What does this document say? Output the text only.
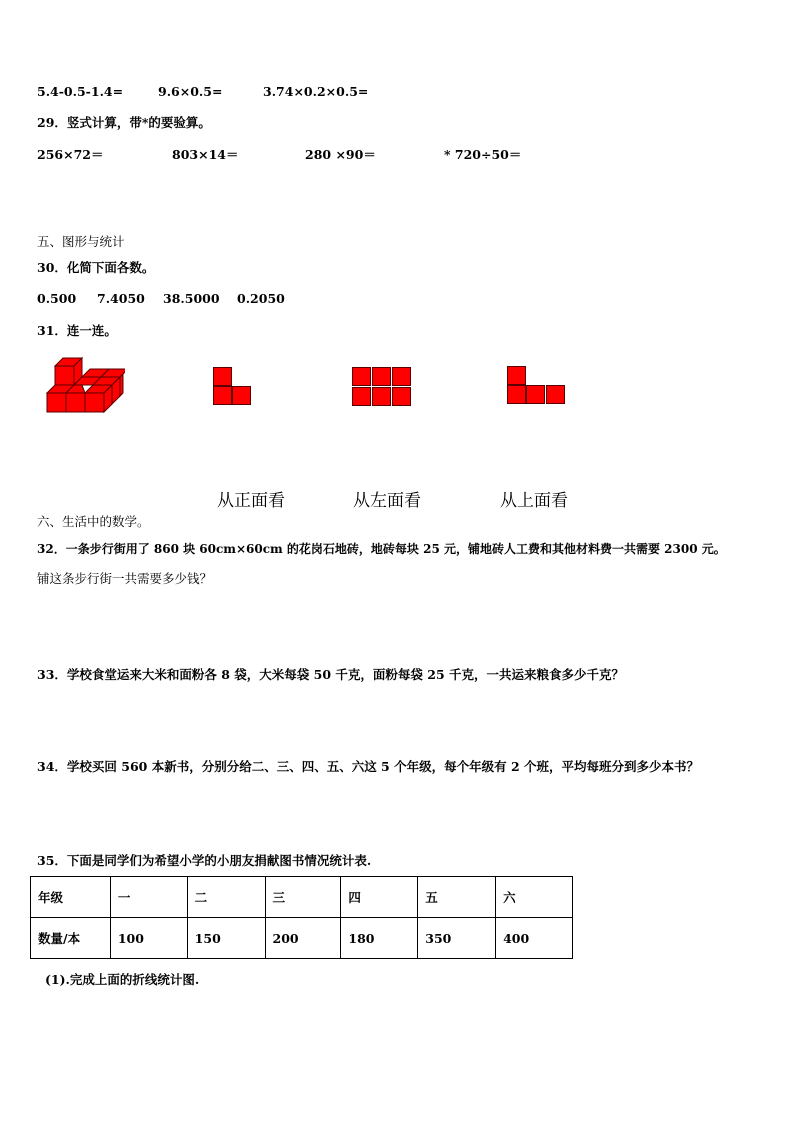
5.4-0.5-1.4=	9.6×0.5=	3.74×0.2×0.5=
29．竖式计算，带*的要验算。
256×72＝	803×14＝	280 ×90＝	* 720÷50＝
五、图形与统计
30．化简下面各数。
0.500 7.4050 38.5000 0.2050
31．连一连。
从正面看	从左面看	从上面看
六、生活中的数学。
32．一条步行街用了 860 块 60cm×60cm 的花岗石地砖，地砖每块 25 元，铺地砖人工费和其他材料费一共需要 2300 元。
铺这条步行街一共需要多少钱？
33．学校食堂运来大米和面粉各 8 袋，大米每袋 50 千克，面粉每袋 25 千克，一共运来粮食多少千克？
34．学校买回 560 本新书，分别分给二、三、四、五、六这 5 个年级，每个年级有 2 个班，平均每班分到多少本书？
35．下面是同学们为希望小学的小朋友捐献图书情况统计表.
年级	一	二	三	四	五	六
数量/本	100	150	200	180	350	400
(1).完成上面的折线统计图.
